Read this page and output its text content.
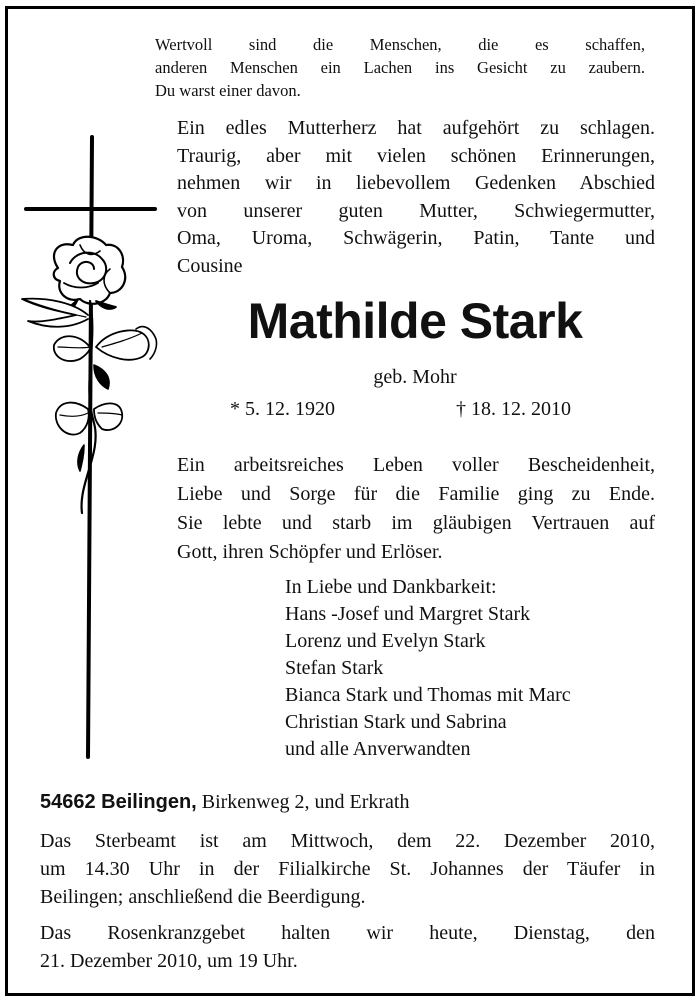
Wertvoll sind die Menschen, die es schaffen,
anderen Menschen ein Lachen ins Gesicht zu zaubern.
Du warst einer davon.
Ein edles Mutterherz hat aufgehört zu schlagen.
Traurig, aber mit vielen schönen Erinnerungen,
nehmen wir in liebevollem Gedenken Abschied
von unserer guten Mutter, Schwiegermutter,
Oma, Uroma, Schwägerin, Patin, Tante und
Cousine
Mathilde Stark
geb. Mohr
* 5. 12. 1920	† 18. 12. 2010
Ein arbeitsreiches Leben voller Bescheidenheit,
Liebe und Sorge für die Familie ging zu Ende.
Sie lebte und starb im gläubigen Vertrauen auf
Gott, ihren Schöpfer und Erlöser.
In Liebe und Dankbarkeit:
Hans -Josef und Margret Stark
Lorenz und Evelyn Stark
Stefan Stark
Bianca Stark und Thomas mit Marc
Christian Stark und Sabrina
und alle Anverwandten
54662 Beilingen, Birkenweg 2, und Erkrath
Das Sterbeamt ist am Mittwoch, dem 22. Dezember 2010,
um 14.30 Uhr in der Filialkirche St. Johannes der Täufer in
Beilingen; anschließend die Beerdigung.
Das Rosenkranzgebet halten wir heute, Dienstag, den
21. Dezember 2010, um 19 Uhr.
